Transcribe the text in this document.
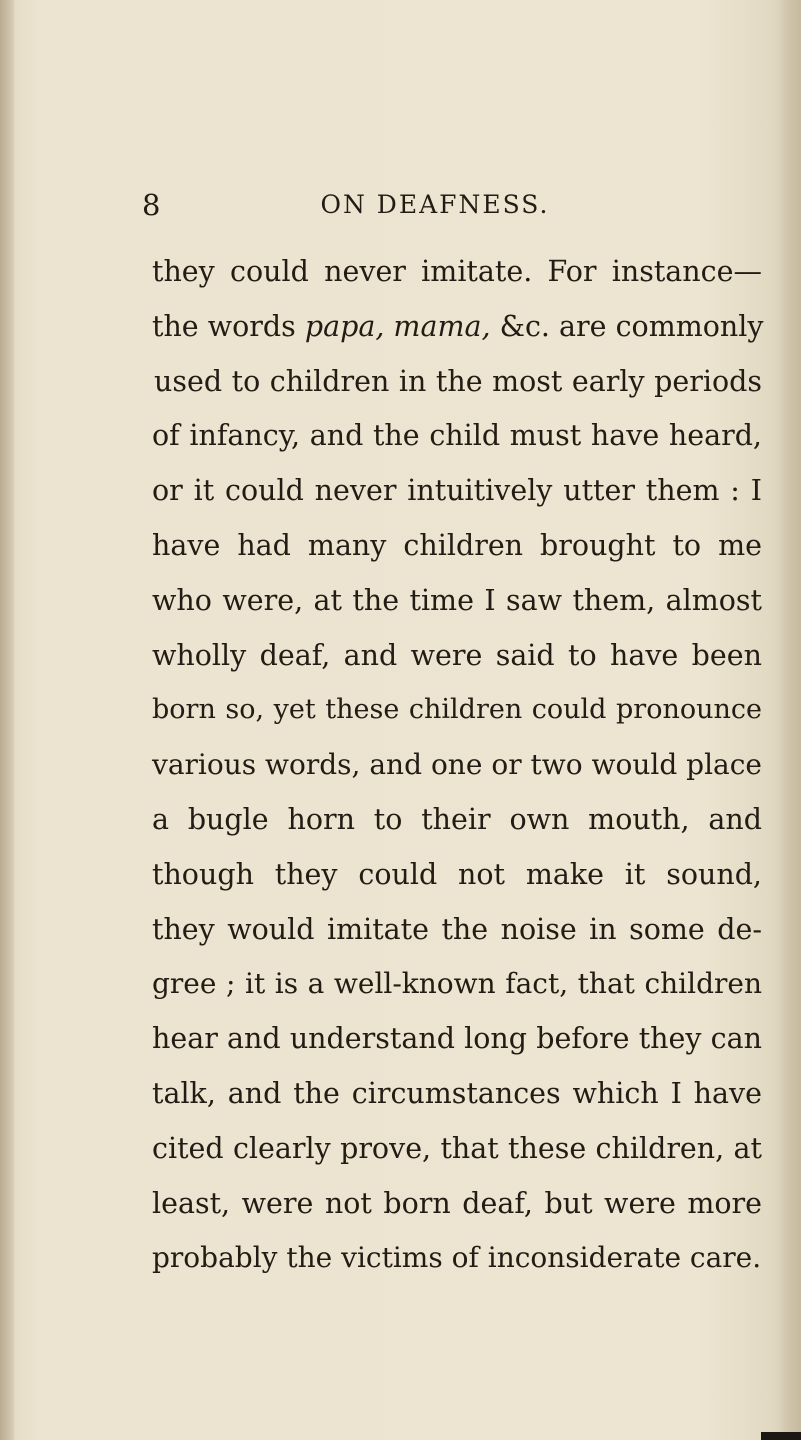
8	ON DEAFNESS.
they could never imitate. For instance—
the words papa, mama, &c. are commonly
used to children in the most early periods
of infancy, and the child must have heard,
or it could never intuitively utter them : I
have had many children brought to me
who were, at the time I saw them, almost
wholly deaf, and were said to have been
born so, yet these children could pronounce
various words, and one or two would place
a bugle horn to their own mouth, and
though they could not make it sound,
they would imitate the noise in some de-
gree ; it is a well-known fact, that children
hear and understand long before they can
talk, and the circumstances which I have
cited clearly prove, that these children, at
least, were not born deaf, but were more
probably the victims of inconsiderate care.
